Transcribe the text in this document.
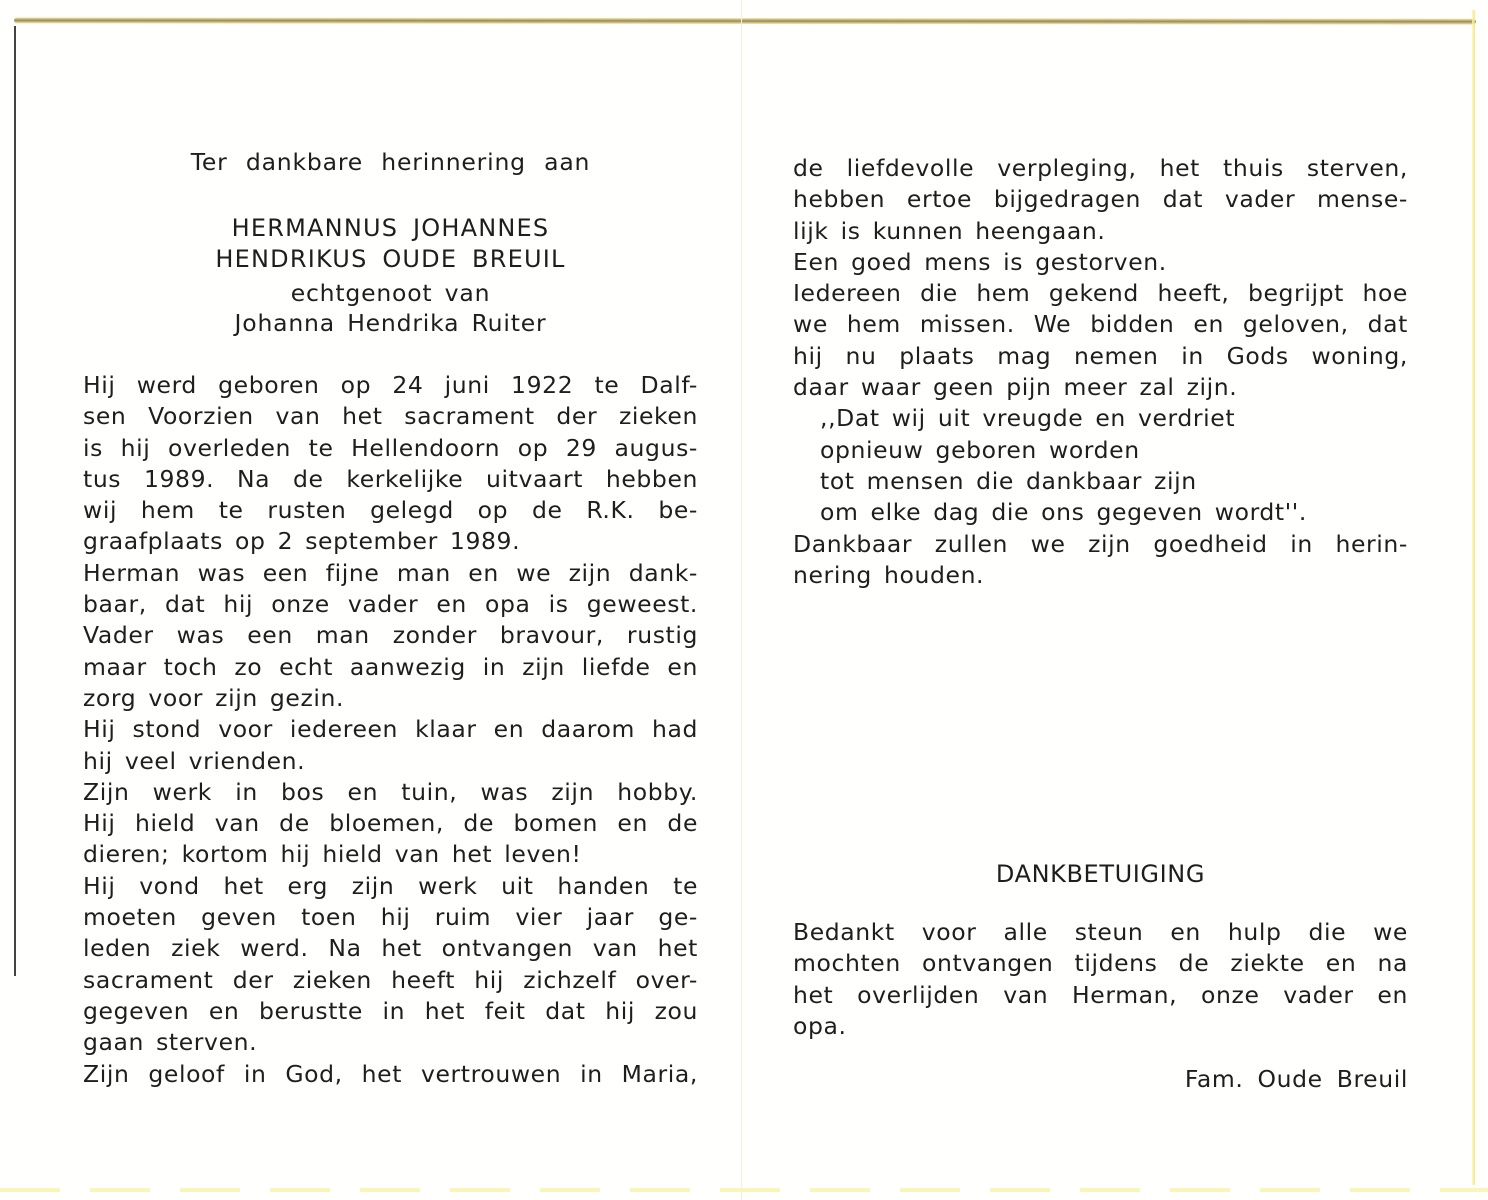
Ter dankbare herinnering aan
HERMANNUS JOHANNES
HENDRIKUS OUDE BREUIL
echtgenoot van
Johanna Hendrika Ruiter
Hij werd geboren op 24 juni 1922 te Dalf-
sen Voorzien van het sacrament der zieken
is hij overleden te Hellendoorn op 29 augus-
tus 1989. Na de kerkelijke uitvaart hebben
wij hem te rusten gelegd op de R.K. be-
graafplaats op 2 september 1989.
Herman was een fijne man en we zijn dank-
baar, dat hij onze vader en opa is geweest.
Vader was een man zonder bravour, rustig
maar toch zo echt aanwezig in zijn liefde en
zorg voor zijn gezin.
Hij stond voor iedereen klaar en daarom had
hij veel vrienden.
Zijn werk in bos en tuin, was zijn hobby.
Hij hield van de bloemen, de bomen en de
dieren; kortom hij hield van het leven!
Hij vond het erg zijn werk uit handen te
moeten geven toen hij ruim vier jaar ge-
leden ziek werd. Na het ontvangen van het
sacrament der zieken heeft hij zichzelf over-
gegeven en berustte in het feit dat hij zou
gaan sterven.
Zijn geloof in God, het vertrouwen in Maria,
de liefdevolle verpleging, het thuis sterven,
hebben ertoe bijgedragen dat vader mense-
lijk is kunnen heengaan.
Een goed mens is gestorven.
Iedereen die hem gekend heeft, begrijpt hoe
we hem missen. We bidden en geloven, dat
hij nu plaats mag nemen in Gods woning,
daar waar geen pijn meer zal zijn.
,,Dat wij uit vreugde en verdriet
opnieuw geboren worden
tot mensen die dankbaar zijn
om elke dag die ons gegeven wordt''.
Dankbaar zullen we zijn goedheid in herin-
nering houden.
DANKBETUIGING
Bedankt voor alle steun en hulp die we
mochten ontvangen tijdens de ziekte en na
het overlijden van Herman, onze vader en
opa.
Fam. Oude Breuil
